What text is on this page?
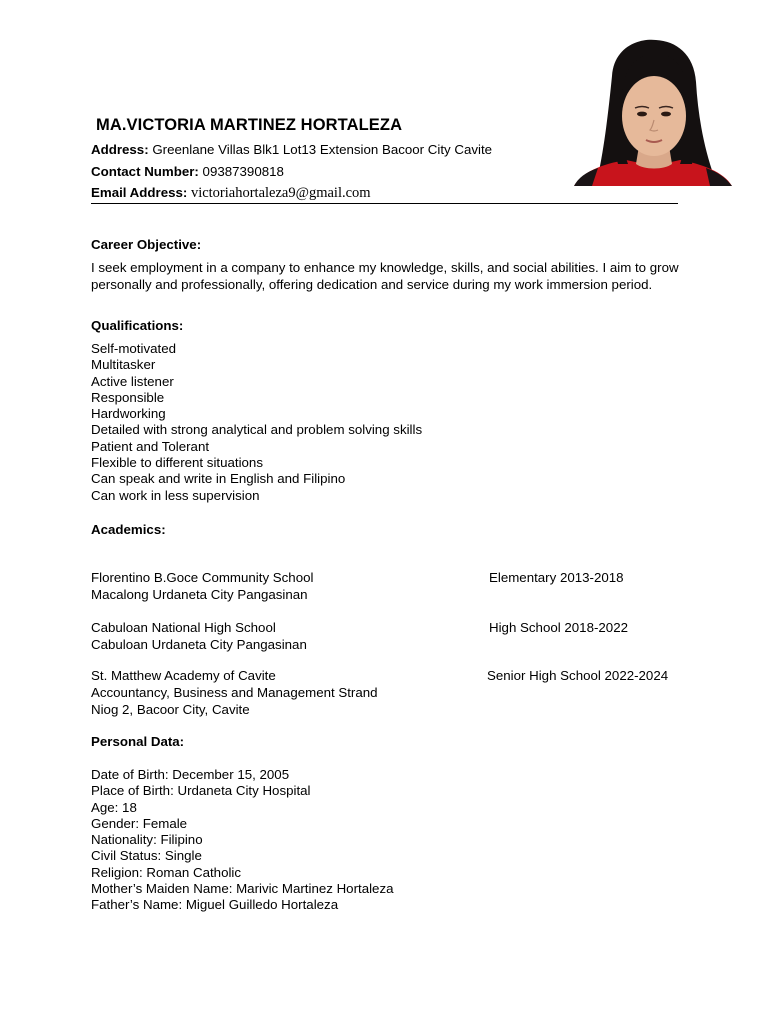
MA.VICTORIA MARTINEZ HORTALEZA
Address: Greenlane Villas Blk1 Lot13 Extension Bacoor City Cavite
Contact Number: 09387390818
Email Address: victoriahortaleza9@gmail.com
Career Objective:
I seek employment in a company to enhance my knowledge, skills, and social abilities. I aim to grow personally and professionally, offering dedication and service during my work immersion period.
Qualifications:
Self-motivated
Multitasker
Active listener
Responsible
Hardworking
Detailed with strong analytical and problem solving skills
Patient and Tolerant
Flexible to different situations
Can speak and write in English and Filipino
Can work in less supervision
Academics:
Florentino B.Goce Community School	Elementary 2013-2018
Macalong Urdaneta City Pangasinan
Cabuloan National High School	High School 2018-2022
Cabuloan Urdaneta City Pangasinan
St. Matthew Academy of Cavite	Senior High School 2022-2024
Accountancy, Business and Management Strand
Niog 2, Bacoor City, Cavite
Personal Data:
Date of Birth: December 15, 2005
Place of Birth: Urdaneta City Hospital
Age: 18
Gender: Female
Nationality: Filipino
Civil Status: Single
Religion: Roman Catholic
Mother’s Maiden Name: Marivic Martinez Hortaleza
Father’s Name: Miguel Guilledo Hortaleza
